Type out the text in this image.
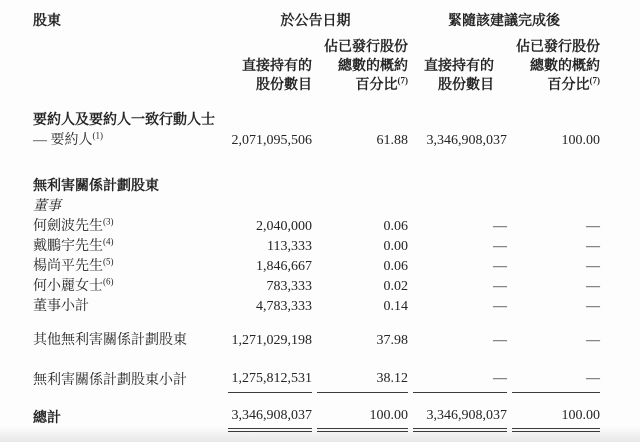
股東	於公告日期		緊隨該建議完成後	
		佔已發行股份		佔已發行股份
	直接持有的	總數的概約	直接持有的	總數的概約
	股份數目	百分比$^{(7)}$	股份數目	百分比$^{(7)}$

要約人及要約人一致行動人士	

— 要約人$^{(1)}$	2,071,095,506	61.88	3,346,908,037	100.00

無利害關係計劃股東	

董事	

何劍波先生$^{(3)}$	2,040,000	0.06	—	—

戴鵬宇先生$^{(4)}$	113,333	0.00	—	—

楊尚平先生$^{(5)}$	1,846,667	0.06	—	—

何小麗女士$^{(6)}$	783,333	0.02	—	—

董事小計	4,783,333	0.14	—	—

其他無利害關係計劃股東	1,271,029,198	37.98	—	—

無利害關係計劃股東小計	1,275,812,531	38.12	—	—

總計	3,346,908,037	100.00	3,346,908,037	100.00
